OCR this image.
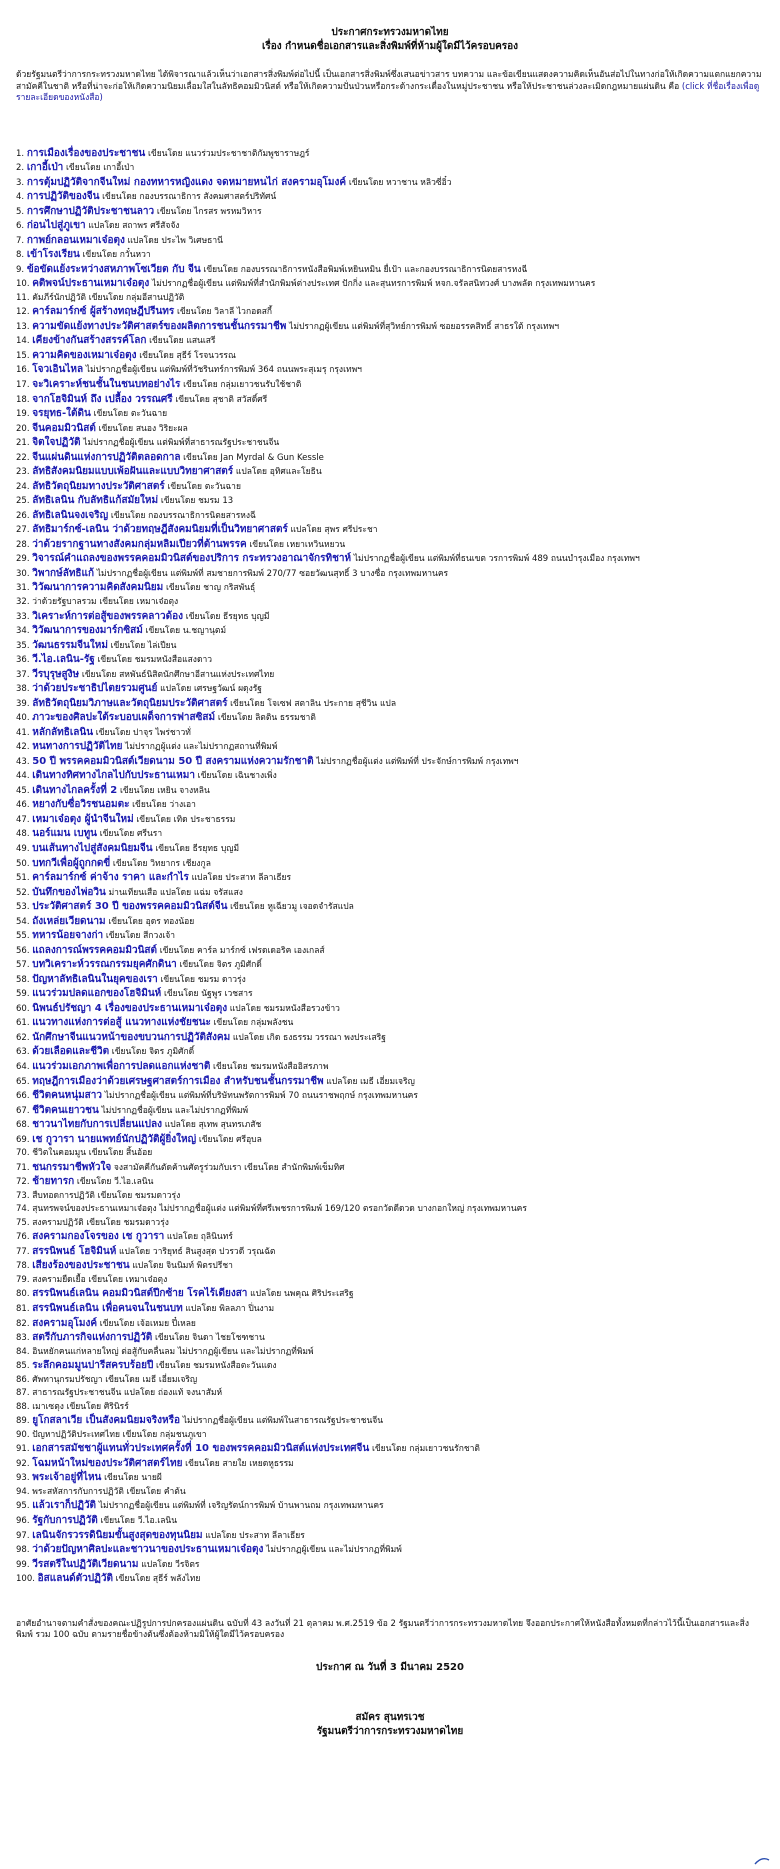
ประกาศกระทรวงมหาดไทย
เรื่อง กำหนดชื่อเอกสารและสิ่งพิมพ์ที่ห้ามผู้ใดมีไว้ครอบครอง
ด้วยรัฐมนตรีว่าการกระทรวงมหาดไทย ได้พิจารณาแล้วเห็นว่าเอกสารสิ่งพิมพ์ต่อไปนี้ เป็นเอกสารสิ่งพิมพ์ซึ่งเสนอข่าวสาร บทความ และข้อเขียนแสดงความคิดเห็นอันส่อไปในทางก่อให้เกิดความแตกแยกความสามัคคีในชาติ หรือที่น่าจะก่อให้เกิดความนิยมเลื่อมใสในลัทธิคอมมิวนิสต์ หรือให้เกิดความปั่นป่วนหรือกระด้างกระเดื่องในหมู่ประชาชน หรือให้ประชาชนล่วงละเมิดกฎหมายแผ่นดิน คือ (click ที่ชื่อเรื่องเพื่อดูรายละเอียดของหนังสือ)
1. การเมืองเรื่องของประชาชน เขียนโดย แนวร่วมประชาชาติกัมพูชาราษฎร์
2. เกาอี้เป่า เขียนโดย เกาอี้เป่า
3. การตุ้มปฏิวัติจากจีนใหม่ กองทหารหญิงแดง จดหมายหนไก่ สงครามอุโมงค์ เขียนโดย หวาชาน หลิวซี่อิ๋ว
4. การปฏิวัติของจีน เขียนโดย กองบรรณาธิการ สังคมศาสตร์ปริทัศน์
5. การศึกษาปฏิวัติประชาชนลาว เขียนโดย ไกรสร พรหมวิหาร
6. ก่อนไปสู่ภูเขา แปลโดย สถาพร ศรีสัจจัง
7. กาพย์กลอนเหมาเจ๋อตุง แปลโดย ประไพ วิเศษธานี
8. เข้าโรงเรียน เขียนโดย กวั๋นหวา
9. ข้อขัดแย้งระหว่างสหภาพโซเวียต กับ จีน เขียนโดย กองบรรณาธิการหนังสือพิมพ์เหยินหมิน ยื่เป้า และกองบรรณาธิการนิตยสารหงฉี
10. คติพจน์ประธานเหมาเจ๋อตุง ไม่ปรากฏชื่อผู้เขียน แต่พิมพ์ที่สำนักพิมพ์ต่างประเทศ ปักกิ่ง และสุนทรการพิมพ์ หจก.จรัลสนิทวงศ์ บางพลัด กรุงเทพมหานคร
11. คัมภีร์นักปฏิวัติ เขียนโดย กลุ่มอีสานปฏิวัติ
12. คาร์ลมาร์กซ์ ผู้สร้างทฤษฎีปรีนทร เขียนโดย วิลาลี ไวกอดสกี้
13. ความขัดแย้งทางประวัติศาสตร์ของผลิตการชนชั้นกรรมาชีพ ไม่ปรากฏผู้เขียน แต่พิมพ์ที่สุวิทย์การพิมพ์ ซอยอรรคสิทธิ์ สาธรใต้ กรุงเทพฯ
14. เคียงข้างกันสร้างสรรค์โลก เขียนโดย แสนเสรี
15. ความคิดของเหมาเจ๋อตุง เขียนโดย สุธีร์ โรจนวรรณ
16. โจวเอินไหล ไม่ปรากฏชื่อผู้เขียน แต่พิมพ์ที่วัชรินทร์การพิมพ์ 364 ถนนพระสุเมรุ กรุงเทพฯ
17. จะวิเคราะห์ชนชั้นในชนบทอย่างไร เขียนโดย กลุ่มเยาวชนรับใช้ชาติ
18. จากโฮจิมินห์ ถึง เปลื้อง วรรณศรี เขียนโดย สุชาติ สวัสดิ์ศรี
19. จรยุทธ-ใต้ดิน เขียนโดย ตะวันฉาย
20. จีนคอมมิวนิสต์ เขียนโดย สนอง วิริยะผล
21. จิตใจปฏิวัติ ไม่ปรากฏชื่อผู้เขียน แต่พิมพ์ที่สาธารณรัฐประชาชนจีน
22. จีนแผ่นดินแห่งการปฏิวัติตลอดกาล เขียนโดย Jan Myrdal & Gun Kessle
23. ลัทธิสังคมนิยมแบบเพ้อฝันและแบบวิทยาศาสตร์ แปลโดย อุทิศและโยธิน
24. ลัทธิวัตถุนิยมทางประวัติศาสตร์ เขียนโดย ตะวันฉาย
25. ลัทธิเลนิน กับลัทธิแก้สมัยใหม่ เขียนโดย ชมรม 13
26. ลัทธิเลนินจงเจริญ เขียนโดย กองบรรณาธิการนิตยสารหงฉี
27. ลัทธิมาร์กซ์-เลนิน ว่าด้วยทฤษฎีสังคมนิยมที่เป็นวิทยาศาสตร์ แปลโดย สุพร ศรีประชา
28. ว่าด้วยรากฐานทางสังคมกลุ่มหลิมเปียวที่ต้านพรรค เขียนโดย เหยาเหวินหยวน
29. วิจารณ์คำแถลงของพรรคคอมมิวนิสต์ของปริการ กระทรวงอาณาจักรทิชาห์ ไม่ปรากฏชื่อผู้เขียน แต่พิมพ์ที่ธนเขต วรการพิมพ์ 489 ถนนบำรุงเมือง กรุงเทพฯ
30. วิพากษ์ลัทธิแก้ ไม่ปรากฏชื่อผู้เขียน แต่พิมพ์ที่ สมชายการพิมพ์ 270/77 ซอยวัฒนสุทธิ์ 3 บางซื่อ กรุงเทพมหานคร
31. วิวัฒนาการความคิดสังคมนิยม เขียนโดย ชาญ กริสพันธุ์
32. ว่าด้วยรัฐบาลรวม เขียนโดย เหมาเจ๋อตุง
33. วิเคราะห์การต่อสู้ของพรรคลาวด้อง เขียนโดย ธีรยุทธ บุญมี
34. วิวัฒนาการของมาร์กซิสม์ เขียนโดย น.ชญานุตม์
35. วัฒนธรรมจีนใหม่ เขียนโดย ไล่เปียน
36. วี.ไอ.เลนิน-รัฐ เขียนโดย ชมรมหนังสือแสงดาว
37. วีรบุรุษสูงิษ เขียนโดย สหพันธ์นิสิตนักศึกษาอีสานแห่งประเทศไทย
38. ว่าด้วยประชาธิปไตยรวมศูนย์ แปลโดย เศรษฐวัฒน์ ผดุงรัฐ
39. ลัทธิวัตถุนิยมวิภาษและวัตถุนิยมประวัติศาสตร์ เขียนโดย โจเซฟ สตาลิน ประกาย สุชีวิน แปล
40. ภาวะของศิลปะใต้ระบอบเผด็จการฟาสซิสม์ เขียนโดย ลิตติน ธรรมชาติ
41. หลักลัทธิเลนิน เขียนโดย ปาจุร ไพร่ชาวทั่
42. หนทางการปฏิวัติไทย ไม่ปรากฏผู้แต่ง และไม่ปรากฏสถานที่พิมพ์
43. 50 ปี พรรคคอมมิวนิสต์เวียดนาม 50 ปี สงครามแห่งความรักชาติ ไม่ปรากฏชื่อผู้แต่ง แต่พิมพ์ที่ ประจักษ์การพิมพ์ กรุงเทพฯ
44. เดินทางทิศทางไกลไปกับประธานเหมา เขียนโดย เฉินชางเพิ่ง
45. เดินทางไกลครั้งที่ 2 เขียนโดย เหยิน จางหลิน
46. หยางกับซื่อวิรชนอมตะ เขียนโดย ว่างเอา
47. เหมาเจ๋อตุง ผู้นำจีนใหม่ เขียนโดย เทิด ประชาธรรม
48. นอร์แมน เบทูน เขียนโดย ศรีนรา
49. บนเส้นทางไปสู่สังคมนิยมจีน เขียนโดย ธีรยุทธ บุญมี
50. บทกวีเพื่อผู้ถูกกดขี่ เขียนโดย วิทยากร เชียงกูล
51. คาร์ลมาร์กซ์ ค่าจ้าง ราคา และกำไร แปลโดย ประสาท ลีลาเธียร
52. บันทึกของไพ่อวิน ม่านเทียนเสือ แปลโดย แฉ่ม จรัสแสง
53. ประวัติศาสตร์ 30 ปี ของพรรคคอมมิวนิสต์จีน เขียนโดย หูเฉียวมู เจอดจำรัสแปล
54. ถังเหล่ยเวียดนาม เขียนโดย อุดร ทองน้อย
55. ทหารน้อยจางก่า เขียนโดย สีกวงเจ้า
56. แถลงการณ์พรรคคอมมิวนิสต์ เขียนโดย คาร์ล มาร์กซ์ เฟรดเดอริค เองเกลส์
57. บทวิเคราะห์วรรณกรรมยุคศักดินา เขียนโดย จิตร ภูมิศักดิ์
58. ปัญหาลัทธิเลนินในยุคของเรา เขียนโดย ชมรม ดาวรุ่ง
59. แนวร่วมปลดแอกของโฮจิมินห์ เขียนโดย นัฐพูร เวชสาร
60. นิพนธ์ปรัชญา 4 เรื่องของประธานเหมาเจ๋อตุง แปลโดย ชมรมหนังสือรวงข้าว
61. แนวทางแห่งการต่อสู้ แนวทางแห่งชัยชนะ เขียนโดย กลุ่มพลังชน
62. นักศึกษาจีนแนวหน้าของขบวนการปฏิวัติสังคม แปลโดย เกิด ธงธรรม วรรณา พงประเสริฐ
63. ด้วยเลือดและชีวิต เขียนโดย จิตร ภูมิศักดิ์
64. แนวร่วมเอกภาพเพื่อการปลดแอกแห่งชาติ เขียนโดย ชมรมหนังสืออิสรภาพ
65. ทฤษฎีการเมืองว่าด้วยเศรษฐศาสตร์การเมือง สำหรับชนชั้นกรรมาชีพ แปลโดย เมธี เอี่ยมเจริญ
66. ชีวิตคนหนุ่มสาว ไม่ปรากฏชื่อผู้เขียน แต่พิมพ์ที่บริษัทนพรัตการพิมพ์ 70 ถนนราชพฤกษ์ กรุงเทพมหานคร
67. ชีวิตคนเยาวชน ไม่ปรากฏชื่อผู้เขียน และไม่ปรากฏที่พิมพ์
68. ชาวนาไทยกับการเปลี่ยนแปลง แปลโดย สุเทพ สุนทรเภสัช
69. เช กูวารา นายแพทย์นักปฏิวัติผู้ยิ่งใหญ่ เขียนโดย ศรีอุบล
70. ชีวิตในคอมมูน เขียนโดย สิ้นอ้อย
71. ชนกรรมาชีพหัวใจ จงสามัคคีกันตัดค้านศัตรูร่วมกับเรา เขียนโดย สำนักพิมพ์เข็มทิศ
72. ช้ายทารก เขียนโดย วี.ไอ.เลนิน
73. สืบทอดการปฏิวัติ เขียนโดย ชมรมดาวรุ่ง
74. สุนทรพจน์ของประธานเหมาเจ๋อตุง ไม่ปรากฏชื่อผู้แต่ง แต่พิมพ์ที่ศรีเพชรการพิมพ์ 169/120 ตรอกวัดดีดวด บางกอกใหญ่ กรุงเทพมหานคร
75. สงครามปฏิวัติ เขียนโดย ชมรมดาวรุ่ง
76. สงครามกองโจรของ เช กูวารา แปลโดย ถุลินินทร์
77. สรรนิพนธ์ โฮจิมินห์ แปลโดย วาริยุทธ์ สินสูงสุด ปวรวดี วรุณฉัต
78. เสียงร้องของประชาชน แปลโดย จินนิมท์ พิตรปรีชา
79. สงครามยืดเยื้อ เขียนโดย เหมาเจ๋อตุง
80. สรรนิพนธ์เลนิน คอมมิวนิสต์ปีกซ้าย โรคไร้เดียงสา แปลโดย นพคุณ ศิริประเสริฐ
81. สรรนิพนธ์เลนิน เพื่อคนจนในชนบท แปลโดย พิลลภา ปิ่นงาม
82. สงครามอุโมงค์ เขียนโดย เจ้อเหมย ปี๋เหลย
83. สตรีกับภารกิจแห่งการปฏิวัติ เขียนโดย จินดา ไชยโชฑชาน
84. อินหยักคนแก่หลายใหญ่ ต่อสู้กับคลื่นลม ไม่ปรากฏผู้เขียน และไม่ปรากฏที่พิมพ์
85. ระลึกคอมมูนปารีสครบร้อยปี เขียนโดย ชมรมหนังสือตะวันแดง
86. ศัพทานุกรมปรัชญา เขียนโดย เมธี เอี่ยมเจริญ
87. สาธารณรัฐประชาชนจีน แปลโดย ถ่องแท้ จงนาสัมห์
88. เมาเซตุง เขียนโดย ศิรินิรร์
89. ยูโกสลาเวีย เป็นสังคมนิยมจริงหรือ ไม่ปรากฏชื่อผู้เขียน แต่พิมพ์ในสาธารณรัฐประชาชนจีน
90. ปัญหาปฏิวัติประเทศไทย เขียนโดย กลุ่มชนภูเขา
91. เอกสารสมัชชาผู้แทนทั่วประเทศครั้งที่ 10 ของพรรคคอมมิวนิสต์แห่งประเทศจีน เขียนโดย กลุ่มเยาวชนรักชาติ
92. โฉมหน้าใหม่ของประวัติศาสตร์ไทย เขียนโดย สายใย เหยดหูธรรม
93. พระเจ้าอยู่ที่ไหน เขียนโดย นายผี
94. พระสหัสการกับการปฏิวัติ เขียนโดย คำต้น
95. แล้วเราก็ปฏิวัติ ไม่ปรากฏชื่อผู้เขียน แต่พิมพ์ที่ เจริญรัตน์การพิมพ์ บ้านพานถม กรุงเทพมหานคร
96. รัฐกับการปฏิวัติ เขียนโดย วี.ไอ.เลนิน
97. เลนินจักรวรรดินิยมขั้นสูงสุดของทุนนิยม แปลโดย ประสาท ลีลาเธียร
98. ว่าด้วยปัญหาศิลปะและชาวนาของประธานเหมาเจ๋อตุง ไม่ปรากฏผู้เขียน และไม่ปรากฏที่พิมพ์
99. วีรสตรีในปฏิวัติเวียดนาม แปลโดย วีรจิตร
100. อิสแลนด์ตัวปฏิวัติ เขียนโดย สุธีร์ พลังไทย
อาศัยอำนาจตามคำสั่งของคณะปฏิรูปการปกครองแผ่นดิน ฉบับที่ 43 ลงวันที่ 21 ตุลาคม พ.ศ.2519 ข้อ 2 รัฐมนตรีว่าการกระทรวงมหาดไทย จึงออกประกาศให้หนังสือทั้งหมดที่กล่าวไว้นี้เป็นเอกสารและสิ่งพิมพ์ รวม 100 ฉบับ ตามรายชื่อข้างต้นซึ่งต้องห้ามมิให้ผู้ใดมีไว้ครอบครอง
ประกาศ ณ วันที่ 3 มีนาคม 2520
สมัคร สุนทรเวช
รัฐมนตรีว่าการกระทรวงมหาดไทย
